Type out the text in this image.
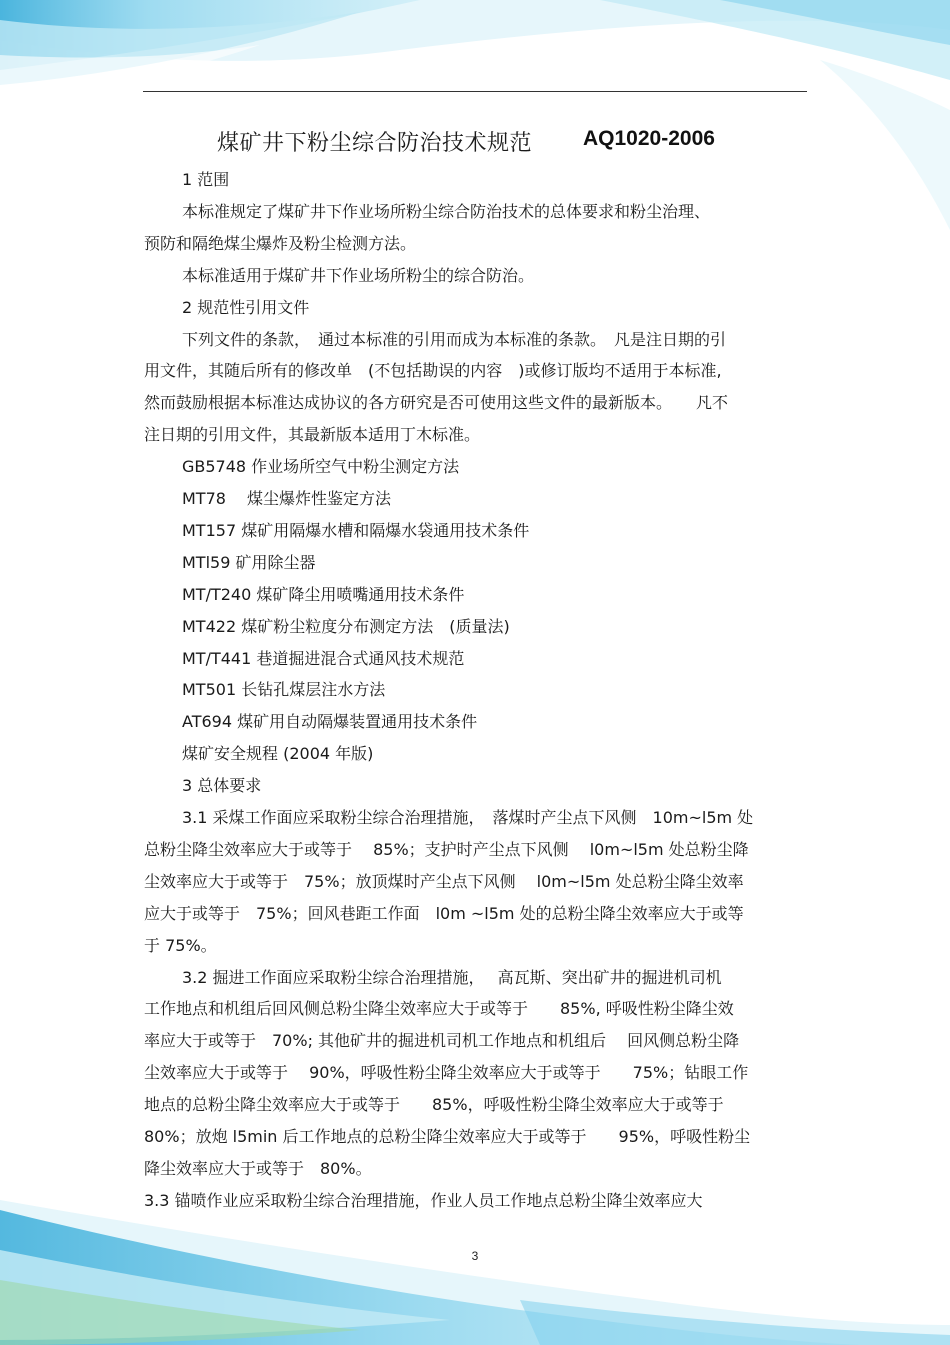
煤矿井下粉尘综合防治技术规范 AQ1020-2006
1 范围
本标准规定了煤矿井下作业场所粉尘综合防治技术的总体要求和粉尘治理、
预防和隔绝煤尘爆炸及粉尘检测方法。
本标准适用于煤矿井下作业场所粉尘的综合防治。
2 规范性引用文件
下列文件的条款，　通过本标准的引用而成为本标准的条款。　凡是注日期的引
用文件，其随后所有的修改单　(不包括勘误的内容　)或修订版均不适用于本标准,
然而鼓励根据本标准达成协议的各方研究是否可使用这些文件的最新版本。　　凡不
注日期的引用文件，其最新版本适用丁木标准。
GB5748 作业场所空气中粉尘测定方法
MT78　 煤尘爆炸性鉴定方法
MT157 煤矿用隔爆水槽和隔爆水袋通用技术条件
MTl59 矿用除尘器
MT/T240 煤矿降尘用喷嘴通用技术条件
MT422 煤矿粉尘粒度分布测定方法　(质量法)
MT/T441 巷道掘进混合式通风技术规范
MT501 长钻孔煤层注水方法
AT694 煤矿用自动隔爆装置通用技术条件
煤矿安全规程 (2004 年版)
3 总体要求
3.1 采煤工作面应采取粉尘综合治理措施，　落煤时产尘点下风侧　10m~l5m 处
总粉尘降尘效率应大于或等于　 85%；支护时产尘点下风侧　 l0m~l5m 处总粉尘降
尘效率应大于或等于　75%；放顶煤时产尘点下风侧　 l0m~l5m 处总粉尘降尘效率
应大于或等于　75%；回风巷距工作面　l0m ~l5m 处的总粉尘降尘效率应大于或等
于 75%。
3.2 掘进工作面应采取粉尘综合治理措施，　 高瓦斯、突出矿井的掘进机司机
工作地点和机组后回风侧总粉尘降尘效率应大于或等于　　85%, 呼吸性粉尘降尘效
率应大于或等于　70%; 其他矿井的掘进机司机工作地点和机组后　 回风侧总粉尘降
尘效率应大于或等于　 90%，呼吸性粉尘降尘效率应大于或等于　　75%；钻眼工作
地点的总粉尘降尘效率应大于或等于　　85%，呼吸性粉尘降尘效率应大于或等于
80%；放炮 l5min 后工作地点的总粉尘降尘效率应大于或等于　　95%，呼吸性粉尘
降尘效率应大于或等于　80%。
3.3 锚喷作业应采取粉尘综合治理措施，作业人员工作地点总粉尘降尘效率应大
3
